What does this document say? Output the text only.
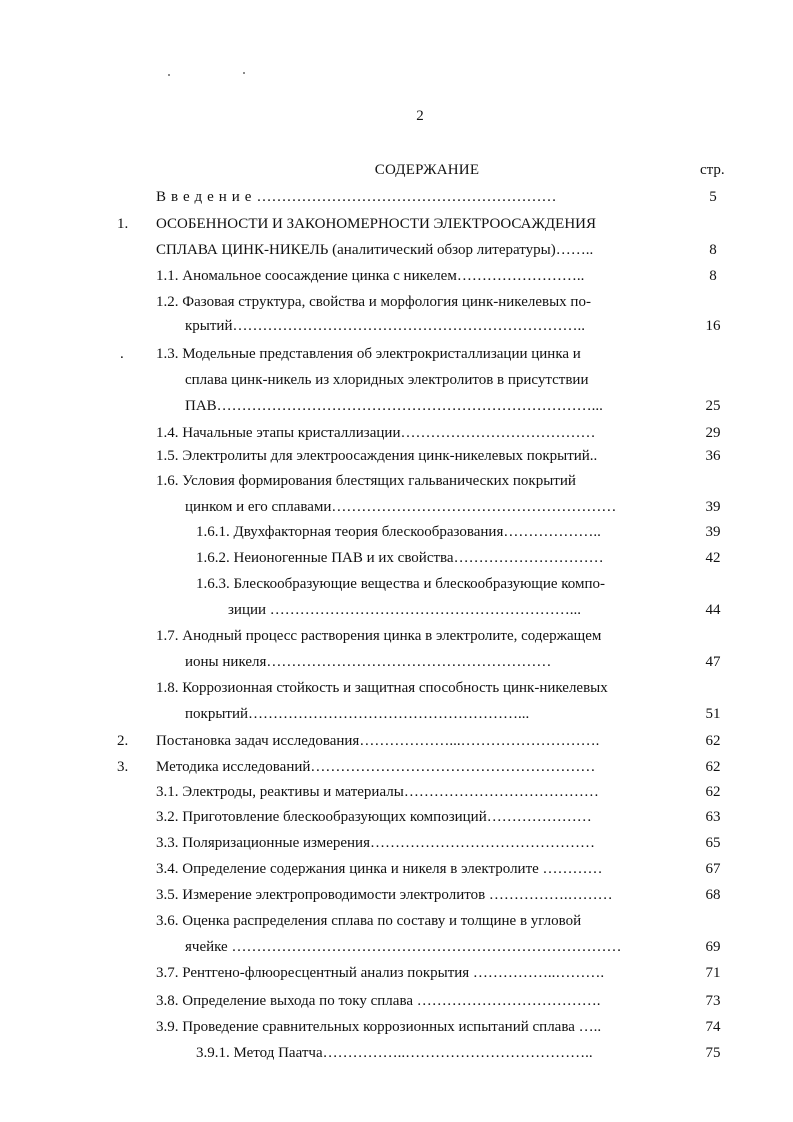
2
СОДЕРЖАНИЕ	стр.
Введение……………………………………………………	5
1. ОСОБЕННОСТИ И ЗАКОНОМЕРНОСТИ ЭЛЕКТРООСАЖДЕНИЯ
СПЛАВА ЦИНК-НИКЕЛЬ (аналитический обзор литературы)……..	8
1.1. Аномальное соосаждение цинка с никелем……………………..	8
1.2. Фазовая структура, свойства и морфология цинк-никелевых по-
крытий……………………………………………………………..	16
. 1.3. Модельные представления об электрокристаллизации цинка и
сплава цинк-никель из хлоридных электролитов в присутствии
ПАВ…………………………………………………………………...	25
1.4. Начальные этапы кристаллизации…………………………………	29
1.5. Электролиты для электроосаждения цинк-никелевых покрытий..	36
1.6. Условия формирования блестящих гальванических покрытий
цинком и его сплавами…………………………………………………	39
1.6.1. Двухфакторная теория блескообразования………………..	39
1.6.2. Неионогенные ПАВ и их свойства…………………………	42
1.6.3. Блескообразующие вещества и блескообразующие компо-
зиции ……………………………………………………...	44
1.7. Анодный процесс растворения цинка в электролите, содержащем
ионы никеля…………………………………………………	47
1.8. Коррозионная стойкость и защитная способность цинк-никелевых
покрытий………………………………………………...	51
2. Постановка задач исследования………………...……………………….	62
3. Методика исследований…………………………………………………	62
3.1. Электроды, реактивы и материалы…………………………………	62
3.2. Приготовление блескообразующих композиций…………………	63
3.3. Поляризационные измерения………………………………………	65
3.4. Определение содержания цинка и никеля в электролите …………	67
3.5. Измерение электропроводимости электролитов …………….………	68
3.6. Оценка распределения сплава по составу и толщине в угловой
ячейке ……………………………………………………………………	69
3.7. Рентгено-флюоресцентный анализ покрытия ……………..……….	71
3.8. Определение выхода по току сплава ……………………………….	73
3.9. Проведение сравнительных коррозионных испытаний сплава …..	74
3.9.1. Метод Паатча……………..………………………………..	75
